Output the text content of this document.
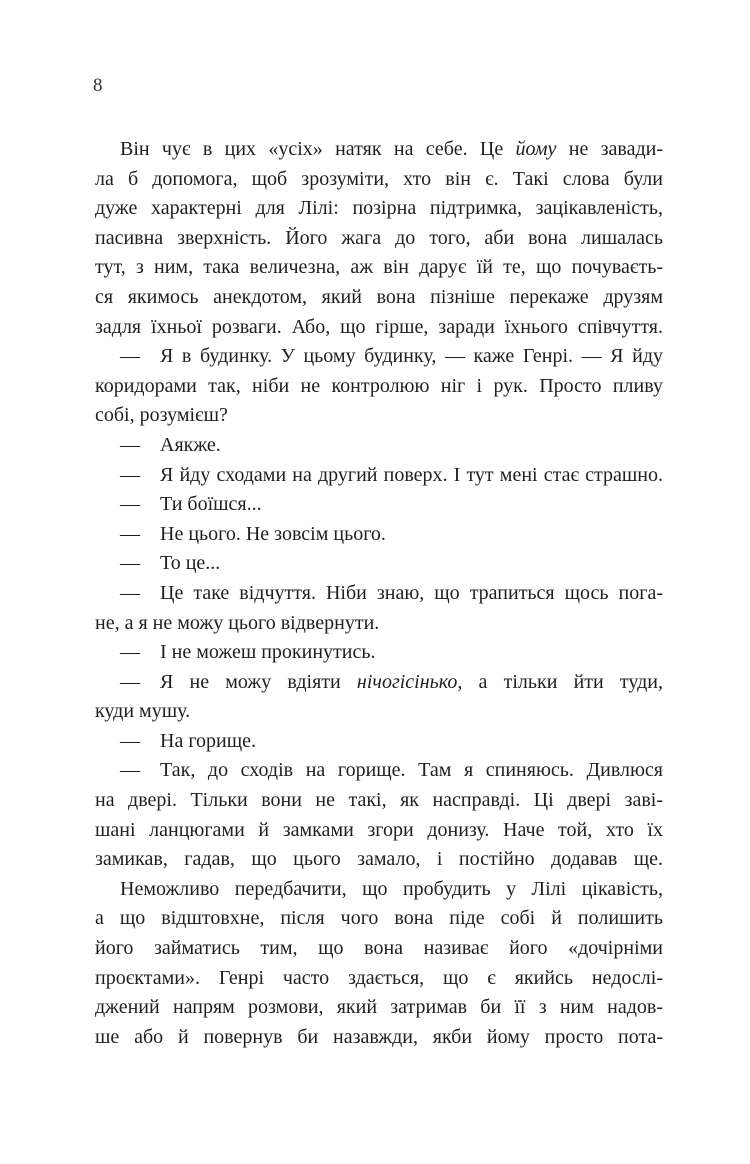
8
Він чує в цих «усіх» натяк на себе. Це йому не завади-
ла б допомога, щоб зрозуміти, хто він є. Такі слова були
дуже характерні для Лілі: позірна підтримка, зацікавленість,
пасивна зверхність. Його жага до того, аби вона лишалась
тут, з ним, така величезна, аж він дарує їй те, що почуваєть-
ся якимось анекдотом, який вона пізніше перекаже друзям
задля їхньої розваги. Або, що гірше, заради їхнього співчуття.
— Я в будинку. У цьому будинку, — каже Генрі. — Я йду
коридорами так, ніби не контролюю ніг і рук. Просто пливу
собі, розумієш?
— Аякже.
— Я йду сходами на другий поверх. І тут мені стає страшно.
— Ти боїшся...
— Не цього. Не зовсім цього.
— То це...
— Це таке відчуття. Ніби знаю, що трапиться щось пога-
не, а я не можу цього відвернути.
— І не можеш прокинутись.
— Я не можу вдіяти нічогісінько, а тільки йти туди,
куди мушу.
— На горище.
— Так, до сходів на горище. Там я спиняюсь. Дивлюся
на двері. Тільки вони не такі, як насправді. Ці двері заві-
шані ланцюгами й замками згори донизу. Наче той, хто їх
замикав, гадав, що цього замало, і постійно додавав ще.
Неможливо передбачити, що пробудить у Лілі цікавість,
а що відштовхне, після чого вона піде собі й полишить
його займатись тим, що вона називає його «дочірніми
проєктами». Генрі часто здається, що є якийсь недослі-
джений напрям розмови, який затримав би її з ним надов-
ше або й повернув би назавжди, якби йому просто пота-
